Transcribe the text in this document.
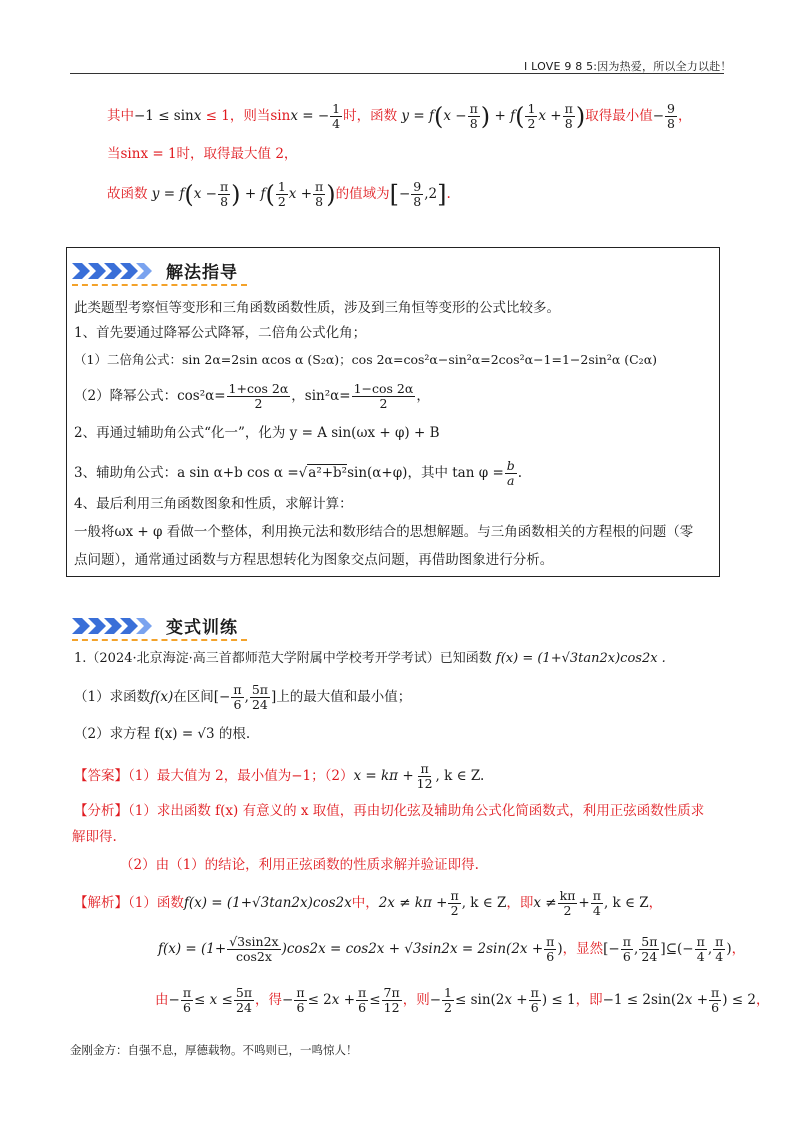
I LOVE 9 8 5:因为热爱，所以全力以赴！
其中−1 ≤ sinx ≤ 1，则当sinx = − $\frac{1}{4}$ 时，函数 $y = f(x - \frac{\pi}{8}$ ) + $f( \frac{1}{2}$ $x + \frac{\pi}{8}$ )取得最小值− $\frac{9}{8}$ ，
当sinx = 1时，取得最大值 2，
故函数 $y = f(x - \frac{\pi}{8}$ ) + $f( \frac{1}{2}$ $x + \frac{\pi}{8}$ )的值域为[− $\frac{9}{8} ,2$].
解法指导
此类题型考察恒等变形和三角函数函数性质，涉及到三角恒等变形的公式比较多。
1、首先要通过降幂公式降幂，二倍角公式化角；
（1）二倍角公式：sin 2α=2sin αcos α (S₂α)；cos 2α=cos²α−sin²α=2cos²α−1=1−2sin²α (C₂α)
（2）降幂公式：$\cos^2\alpha= \frac{1+\cos 2\alpha}{2}$ ，$\sin^2\alpha= \frac{1-\cos 2\alpha}{2}$ ，
2、再通过辅助角公式“化一”，化为 y = A sin(ωx + φ) + B
3、辅助角公式：a sin α+b cos α =√a²+b²sin(α+φ)，其中 $\tan \varphi = \frac{b}{a}$ .
4、最后利用三角函数图象和性质，求解计算：
一般将ωx + φ 看做一个整体，利用换元法和数形结合的思想解题。与三角函数相关的方程根的问题（零
点问题），通常通过函数与方程思想转化为图象交点问题，再借助图象进行分析。
变式训练
1.（2024·北京海淀·高三首都师范大学附属中学校考开学考试）已知函数 f(x) = (1+√3tan2x)cos2x .
（1）求函数f(x)在区间[− $\frac{\pi}{6}$ , $\frac{5\pi}{24}$ ]上的最大值和最小值；
（2）求方程 f(x) = √3 的根.
【答案】（1）最大值为 2，最小值为−1；$(2)x = k\pi + \frac{\pi}{12}$ , k ∈ Z.
【分析】（1）求出函数 f(x) 有意义的 x 取值，再由切化弦及辅助角公式化简函数式，利用正弦函数性质求
解即得.
（2）由（1）的结论，利用正弦函数的性质求解并验证即得.
【解析】（1）函数f(x) = (1+√3tan2x)cos2x中，$2x \ne k\pi + \frac{\pi}{2}$ , k ∈ Z，即$x \ne \frac{k\pi}{2} + \frac{\pi}{4}$ , k ∈ Z，
$f(x) = (1+ \frac{√3\sin 2x}{\cos 2x} )\cos 2x = \cos 2x + √3\sin 2x = 2\sin(2x + \frac{\pi}{6}$ )，显然[− $\frac{\pi}{6}$ , $\frac{5\pi}{24}$ ]⊆(− $\frac{\pi}{4}$ , $\frac{\pi}{4}$ )，
由− $\frac{\pi}{6} \le x \le \frac{5\pi}{24}$ ，得− $\frac{\pi}{6} \le 2x + \frac{\pi}{6} \le \frac{7\pi}{12}$ ，则− $\frac{1}{2} \le \sin(2x + \frac{\pi}{6}$ ) ≤ 1，即$-1 \le 2\sin(2x + \frac{\pi}{6}$ ) ≤ 2，
金刚金方：自强不息，厚德载物。不鸣则已，一鸣惊人！
